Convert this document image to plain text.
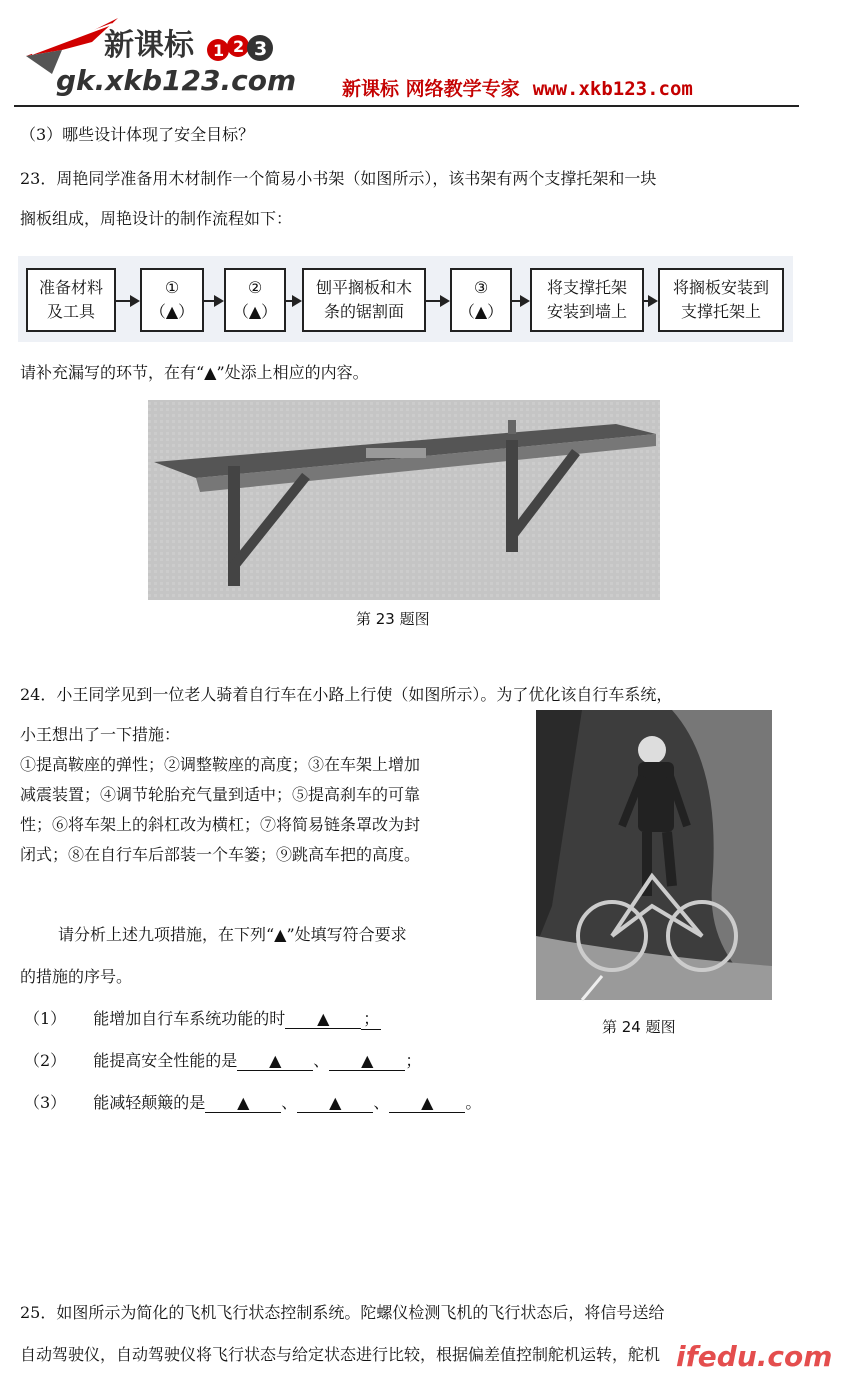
新课标 1 2 3
gk.xkb123.com 新课标 网络教学专家 www.xkb123.com
（3）哪些设计体现了安全目标？
23．周艳同学准备用木材制作一个简易小书架（如图所示），该书架有两个支撑托架和一块
搁板组成，周艳设计的制作流程如下：
准备材料
及工具
①
（▲）
②
（▲）
刨平搁板和木
条的锯割面
③
（▲）
将支撑托架
安装到墙上
将搁板安装到
支撑托架上
请补充漏写的环节，在有“▲”处添上相应的内容。
第 23 题图
24．小王同学见到一位老人骑着自行车在小路上行使（如图所示）。为了优化该自行车系统，
小王想出了一下措施：
①提高鞍座的弹性；②调整鞍座的高度；③在车架上增加
减震装置；④调节轮胎充气量到适中；⑤提高刹车的可靠
性；⑥将车架上的斜杠改为横杠；⑦将简易链条罩改为封
闭式；⑧在自行车后部装一个车篓；⑨跳高车把的高度。
请分析上述九项措施，在下列“▲”处填写符合要求
的措施的序号。
（1） 能增加自行车系统功能的时 ▲ ；
（2） 能提高安全性能的是 ▲ 、 ▲ ；
（3） 能减轻颠簸的是 ▲ 、 ▲ 、 ▲ 。
第 24 题图
25．如图所示为简化的飞机飞行状态控制系统。陀螺仪检测飞机的飞行状态后，将信号送给
自动驾驶仪，自动驾驶仪将飞行状态与给定状态进行比较，根据偏差值控制舵机运转，舵机 ifedu.com
